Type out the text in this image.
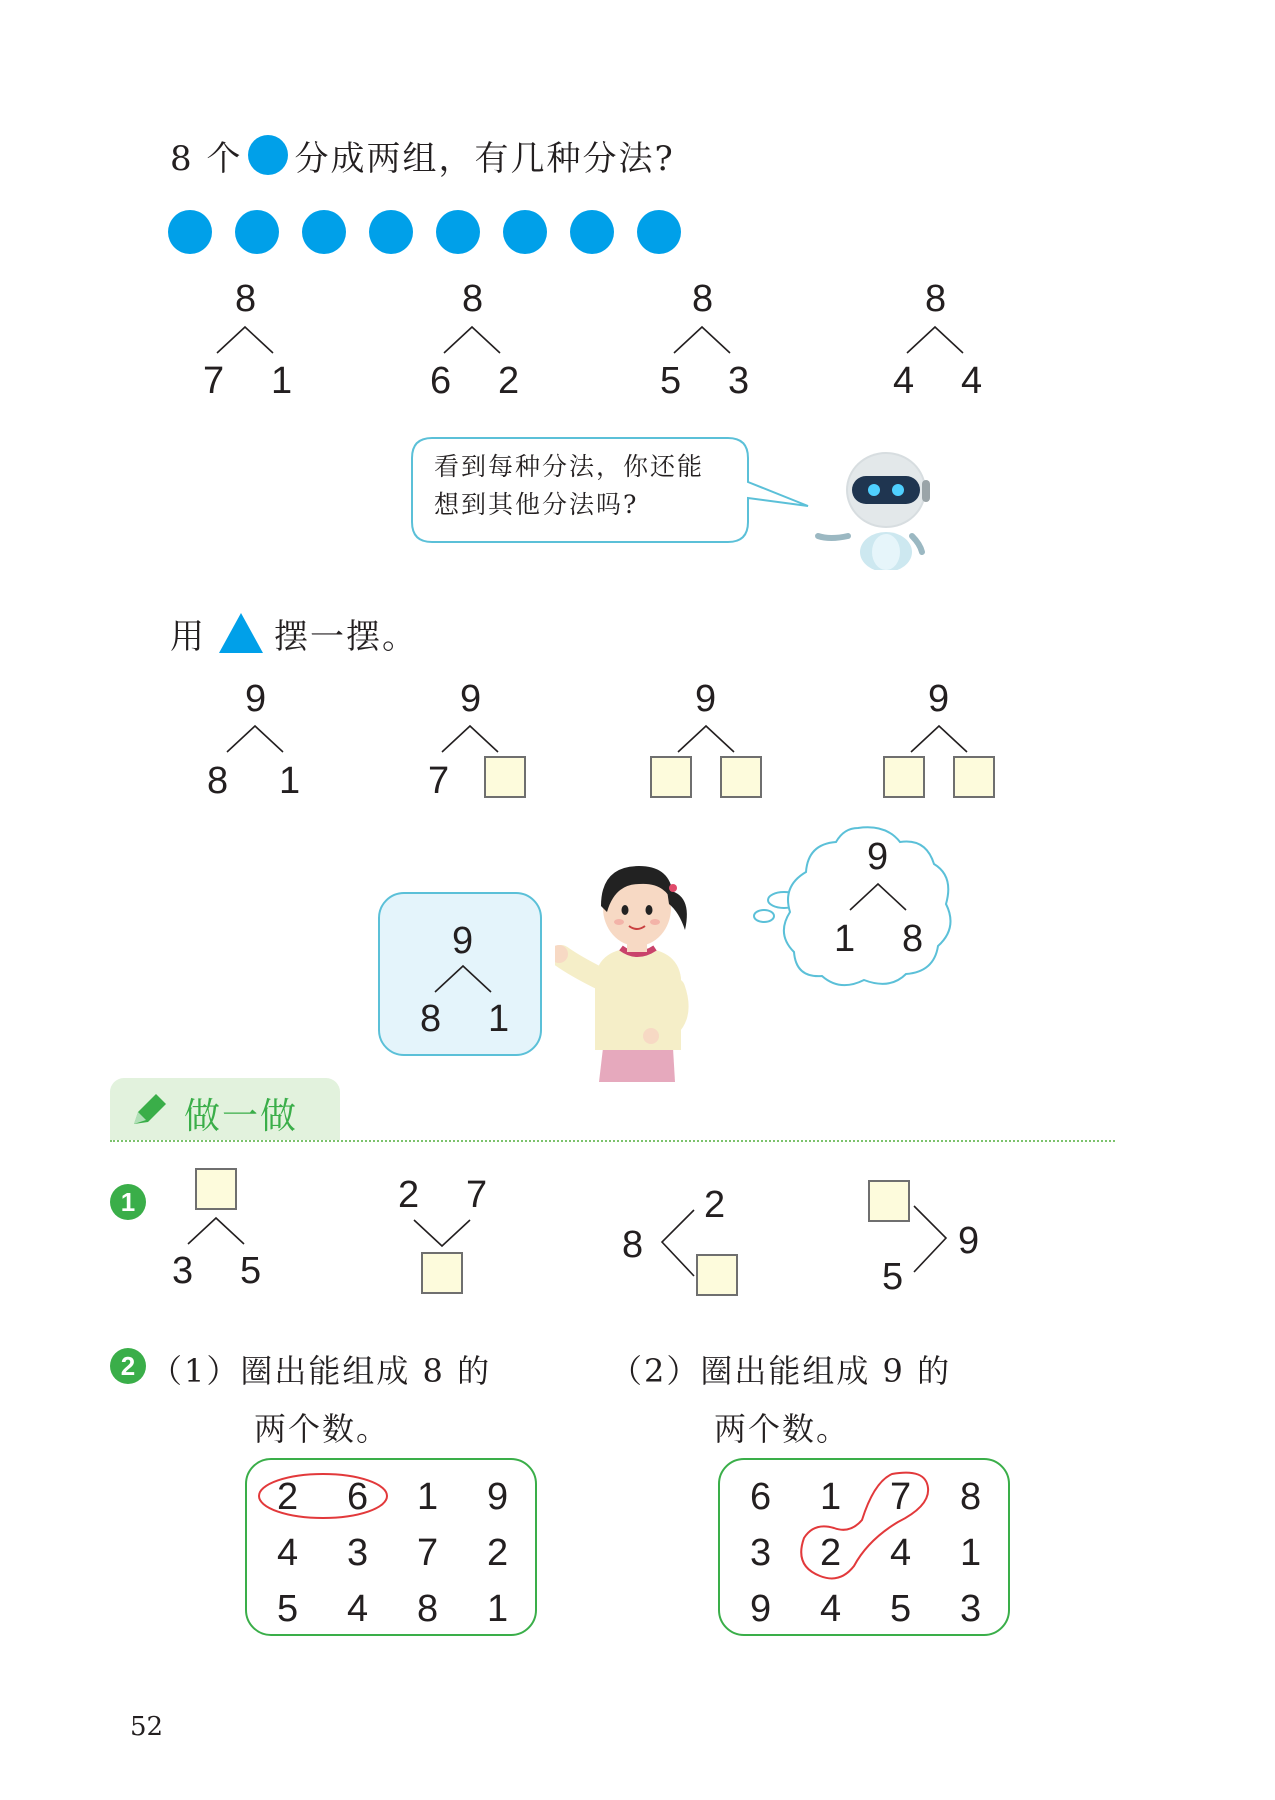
8 个 分成两组，有几种分法?
8
7 1
8
6 2
8
5 3
8
4 4
看到每种分法，你还能
想到其他分法吗?
用 摆一摆。
9
8 1
9
7
9	9
9
8 1
9
1 8
做一做
1
3 5
2 7
8
2
9
5
2 （1）圈出能组成 8 的
两个数。
（2）圈出能组成 9 的
两个数。
2 6 1 9
4 3 7 2
5 4 8 1
6 1 7 8
3 2 4 1
9 4 5 3
52
